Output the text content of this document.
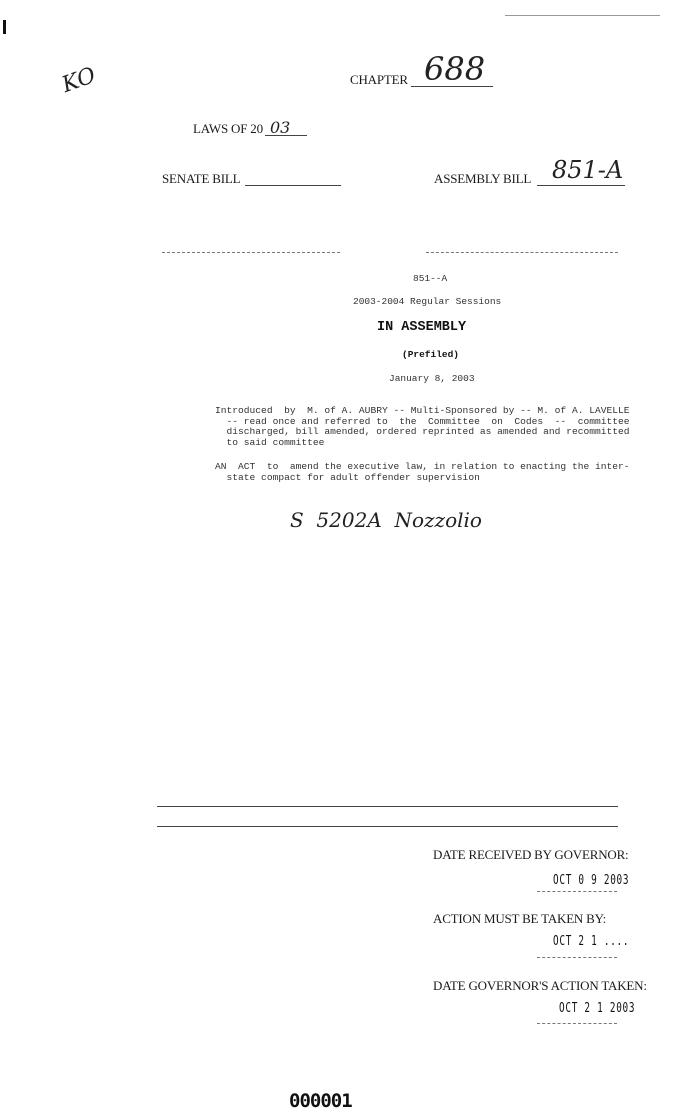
KO	CHAPTER 688
LAWS OF 20 03
SENATE BILL	ASSEMBLY BILL 851-A
851--A
2003-2004 Regular Sessions
IN ASSEMBLY
(Prefiled)
January 8, 2003
Introduced  by  M. of A. AUBRY -- Multi-Sponsored by -- M. of A. LAVELLE
-- read once and referred to  the  Committee  on  Codes  --  committee
discharged, bill amended, ordered reprinted as amended and recommitted
to said committee
AN  ACT  to  amend the executive law, in relation to enacting the inter-
state compact for adult offender supervision
S  5202A  Nozzolio
DATE RECEIVED BY GOVERNOR:
OCT 0 9 2003
ACTION MUST BE TAKEN BY:
OCT 2 1 ....
DATE GOVERNOR'S ACTION TAKEN:
OCT 2 1 2003
000001
